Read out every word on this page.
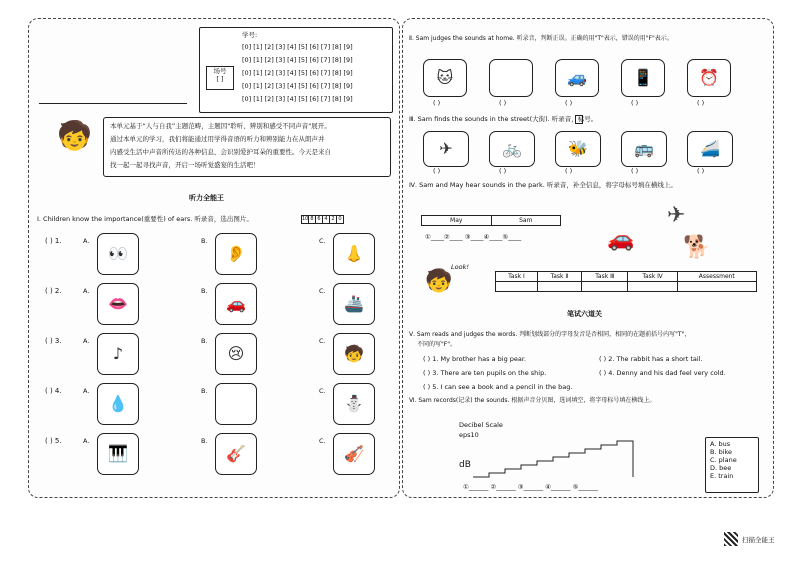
学号:
[0] [1] [2] [3] [4] [5] [6] [7] [8] [9]
[0] [1] [2] [3] [4] [5] [6] [7] [8] [9]
[0] [1] [2] [3] [4] [5] [6] [7] [8] [9]
[0] [1] [2] [3] [4] [5] [6] [7] [8] [9]
[0] [1] [2] [3] [4] [5] [6] [7] [8] [9]
场号
[ ]
🧒	本单元基于“人与自我”主题范畴，主题因"聆听、辨别和感受不同声音"展开。
通过本单元的学习，我们将能通过用学得音语的听力和辨别能力在从朗声并
内感受生活中声音所传达的各种信息，会识别爱护耳朵的重要性。今天是来自
找一起一起寻找声音，开启一场听觉盛宴的生活吧！
听力全能王
Ⅰ. Children know the importance(重要性) of ears. 听录音，选出图片。	10 8 6 4 2 0
( ) 1.	A.
👀
B.
👂
C.
👃
( ) 2.	A.
👄
B.
🚗
C.
🚢
( ) 3.	A.
♪
B.
😢
C.
🧒
( ) 4.	A.
💧
B.	C.
⛄
( ) 5.	A.
🎹
B.
🎸
C.
🎻
Ⅱ. Sam judges the sounds at home. 听录音，判断正误。正确的用"T"表示，错误的用"F"表示。
🐱
( )	( )
🚙
( )
📱
( )
⏰
( )
Ⅲ. Sam finds the sounds in the street(大街). 听录音，标号。
✈
( )
🚲
( )
🐝
( )
🚌
( )
🚄
( )
Ⅳ. Sam and May hear sounds in the park. 听录音，补全信息，将字母标号填在横线上。
May	Sam
①____②____ ③____④____⑤____
✈
🚗 🐕
🧒
Look!
Task Ⅰ	Task Ⅱ	Task Ⅲ	Task Ⅳ	Assessment

笔试六道关
Ⅴ. Sam reads and judges the words. 判断划线部分的字母发音是否相同，相同的在题前括号内写"T"，
不同的写"F"。
( ) 1. My brother has a big pear.	( ) 2. The rabbit has a short tail.
( ) 3. There are ten pupils on the ship.	( ) 4. Denny and his dad feel very cold.
( ) 5. I can see a book and a pencil in the bag.
Ⅵ. Sam records(记录) the sounds. 根据声音分贝图，选词填空，将字母标号填在横线上。
Decibel Scale
eps10
dB
①______ ②______ ③______ ④______ ⑤______
A. bus
B. bike
C. plane
D. bee
E. train
扫描全能王
